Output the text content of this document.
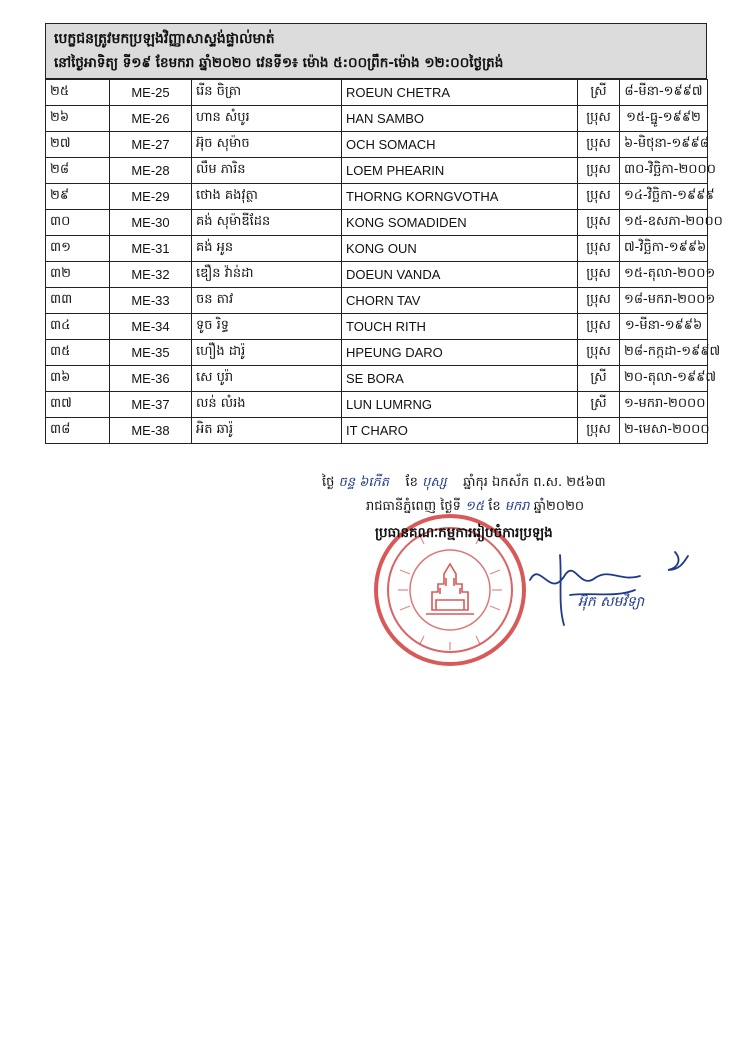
បេក្ខជនត្រូវមកប្រឡងវិញ្ញាសាស្ទង់ផ្ទាល់មាត់
នៅថ្ងៃអាទិត្យ ទី១៩ ខែមករា ឆ្នាំ២០២០ វេនទី១៖ ម៉ោង ៥:០០ព្រឹក-ម៉ោង ១២:០០ថ្ងៃត្រង់
២៥	ME-25	រើន ចិត្រា	ROEUN CHETRA	ស្រី	៨-មីនា-១៩៩៧
២៦	ME-26	ហាន សំបូរ	HAN SAMBO	ប្រុស	១៥-ធ្នូ-១៩៩២
២៧	ME-27	អ៊ុច សុម៉ាច	OCH SOMACH	ប្រុស	៦-មិថុនា-១៩៩៨
២៨	ME-28	លឹម ភារិន	LOEM PHEARIN	ប្រុស	៣០-វិច្ឆិកា-២០០០
២៩	ME-29	ថោង គងវុត្ថា	THORNG KORNGVOTHA	ប្រុស	១៤-វិច្ឆិកា-១៩៩៩
៣០	ME-30	គង់ សុម៉ាឌីដែន	KONG SOMADIDEN	ប្រុស	១៥-ឧសភា-២០០០
៣១	ME-31	គង់ អូន	KONG OUN	ប្រុស	៧-វិច្ឆិកា-១៩៩៦
៣២	ME-32	ឌឿន វ៉ាន់ដា	DOEUN VANDA	ប្រុស	១៥-តុលា-២០០១
៣៣	ME-33	ចន តាវ	CHORN TAV	ប្រុស	១៨-មករា-២០០១
៣៤	ME-34	ទូច រិទ្ធ	TOUCH RITH	ប្រុស	១-មីនា-១៩៩៦
៣៥	ME-35	ហឿង ដារ៉ូ	HPEUNG DARO	ប្រុស	២៨-កក្កដា-១៩៩៧
៣៦	ME-36	សេ បូរ៉ា	SE BORA	ស្រី	២០-តុលា-១៩៩៧
៣៧	ME-37	លន់ លំរង	LUN LUMRNG	ស្រី	១-មករា-២០០០
៣៨	ME-38	អិត ឆារ៉ូ	IT CHARO	ប្រុស	២-មេសា-២០០០
ថ្ងៃ ចន្ទ ៦កើត ខែ បុស្ស ឆ្នាំកុរ ឯកស័ក ព.ស. ២៥៦៣
រាជធានីភ្នំពេញ ថ្ងៃទី ១៥ ខែ មករា ឆ្នាំ២០២០
ប្រធានគណៈកម្មការរៀបចំការប្រឡង
អ៊ុក សមវិទ្យា
